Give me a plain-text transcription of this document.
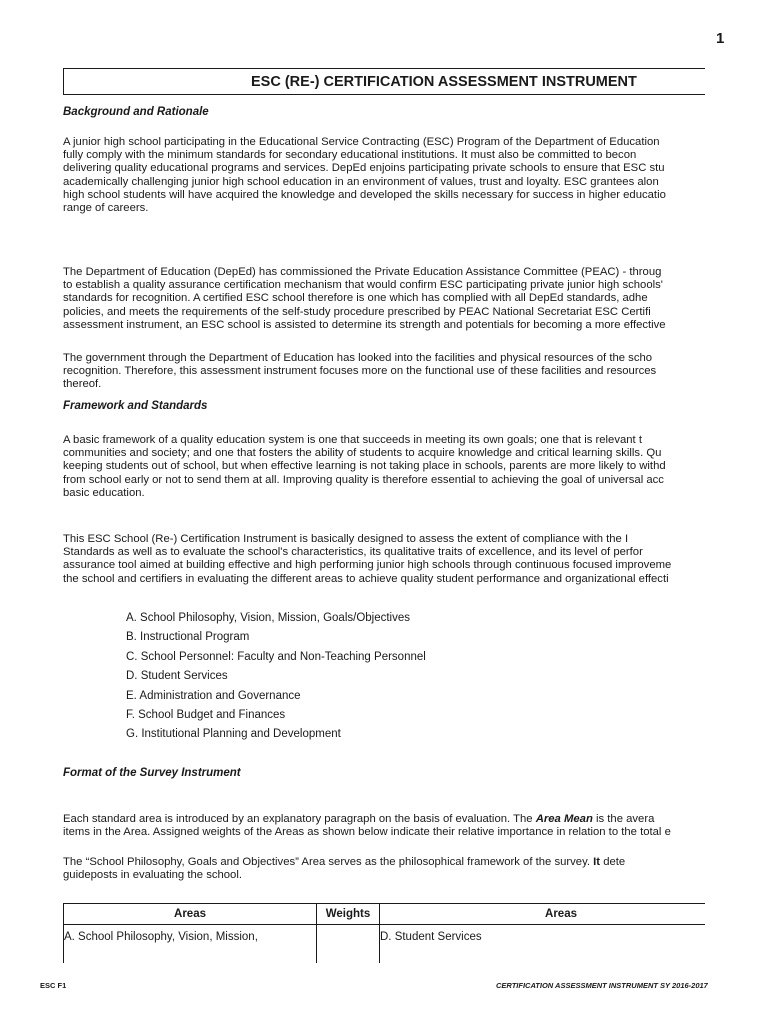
1
ESC (RE-) CERTIFICATION ASSESSMENT INSTRUMENT

Background and Rationale

A junior high school participating in the Educational Service Contracting (ESC) Program of the Department of Education
fully comply with the minimum standards for secondary educational institutions. It must also be committed to becon
delivering quality educational programs and services. DepEd enjoins participating private schools to ensure that ESC stu
academically challenging junior high school education in an environment of values, trust and loyalty. ESC grantees alon
high school students will have acquired the knowledge and developed the skills necessary for success in higher educatio
range of careers.
The Department of Education (DepEd) has commissioned the Private Education Assistance Committee (PEAC) - throug
to establish a quality assurance certification mechanism that would confirm ESC participating private junior high schools'
standards for recognition. A certified ESC school therefore is one which has complied with all DepEd standards, adhe
policies, and meets the requirements of the self-study procedure prescribed by PEAC National Secretariat ESC Certifi
assessment instrument, an ESC school is assisted to determine its strength and potentials for becoming a more effective
The government through the Department of Education has looked into the facilities and physical resources of the scho
recognition. Therefore, this assessment instrument focuses more on the functional use of these facilities and resources
thereof.

Framework and Standards

A basic framework of a quality education system is one that succeeds in meeting its own goals; one that is relevant t
communities and society; and one that fosters the ability of students to acquire knowledge and critical learning skills. Qu
keeping students out of school, but when effective learning is not taking place in schools, parents are more likely to withd
from school early or not to send them at all. Improving quality is therefore essential to achieving the goal of universal acc
basic education.
This ESC School (Re-) Certification Instrument is basically designed to assess the extent of compliance with the I
Standards as well as to evaluate the school's characteristics, its qualitative traits of excellence, and its level of perfor
assurance tool aimed at building effective and high performing junior high schools through continuous focused improveme
the school and certifiers in evaluating the different areas to achieve quality student performance and organizational effecti
A. School Philosophy, Vision, Mission, Goals/Objectives
B. Instructional Program
C. School Personnel: Faculty and Non-Teaching Personnel
D. Student Services
E. Administration and Governance
F. School Budget and Finances
G. Institutional Planning and Development

Format of the Survey Instrument

Each standard area is introduced by an explanatory paragraph on the basis of evaluation. The Area Mean is the avera
items in the Area. Assigned weights of the Areas as shown below indicate their relative importance in relation to the total e
The “School Philosophy, Goals and Objectives” Area serves as the philosophical framework of the survey. It dete
guideposts in evaluating the school.
Areas	Weights	Areas
A. School Philosophy, Vision, Mission,		D. Student Services
ESC F1	CERTIFICATION ASSESSMENT INSTRUMENT SY 2016-2017
